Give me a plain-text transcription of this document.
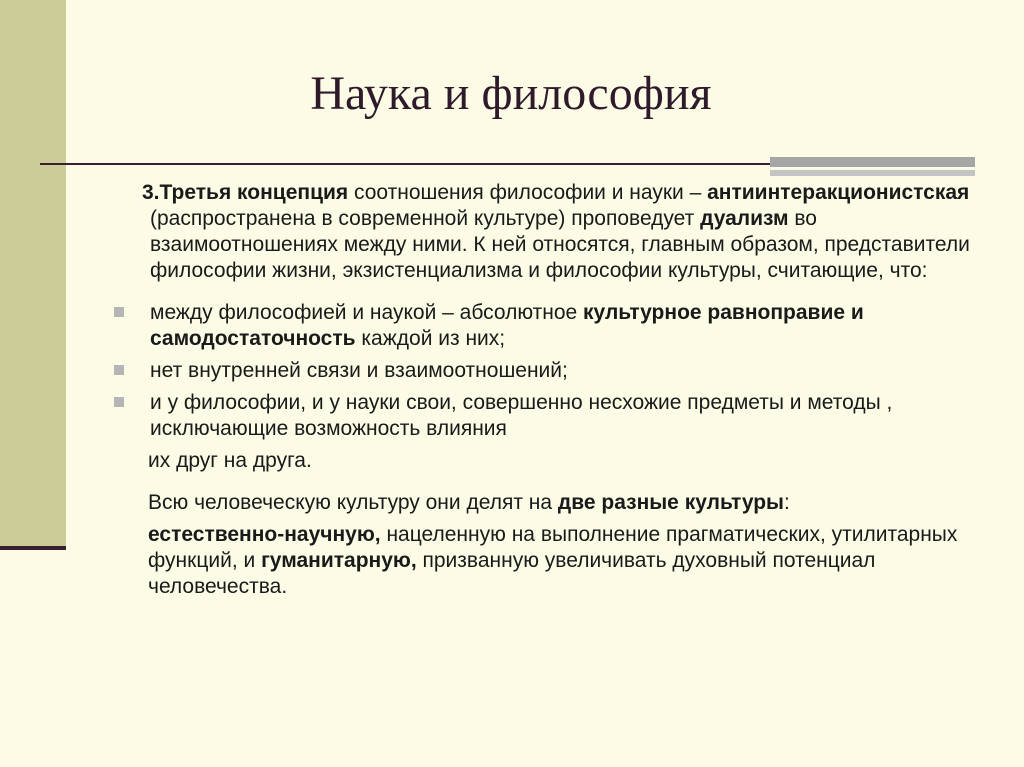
Наука и философия

3.Третья концепция соотношения философии и науки – антиинтеракционистская (распространена в современной культуре) проповедует дуализм во взаимоотношениях между ними. К ней относятся, главным образом, представители философии жизни, экзистенциализма и философии культуры, считающие, что:

между философией и наукой – абсолютное культурное равноправие и самодостаточность каждой из них;
нет внутренней связи и взаимоотношений;
и у философии, и у науки свои, совершенно несхожие предметы и методы , исключающие возможность влияния

их друг на друга.

Всю человеческую культуру они делят на две разные культуры:

естественно-научную, нацеленную на выполнение прагматических, утилитарных функций, и гуманитарную, призванную увеличивать духовный потенциал человечества.
